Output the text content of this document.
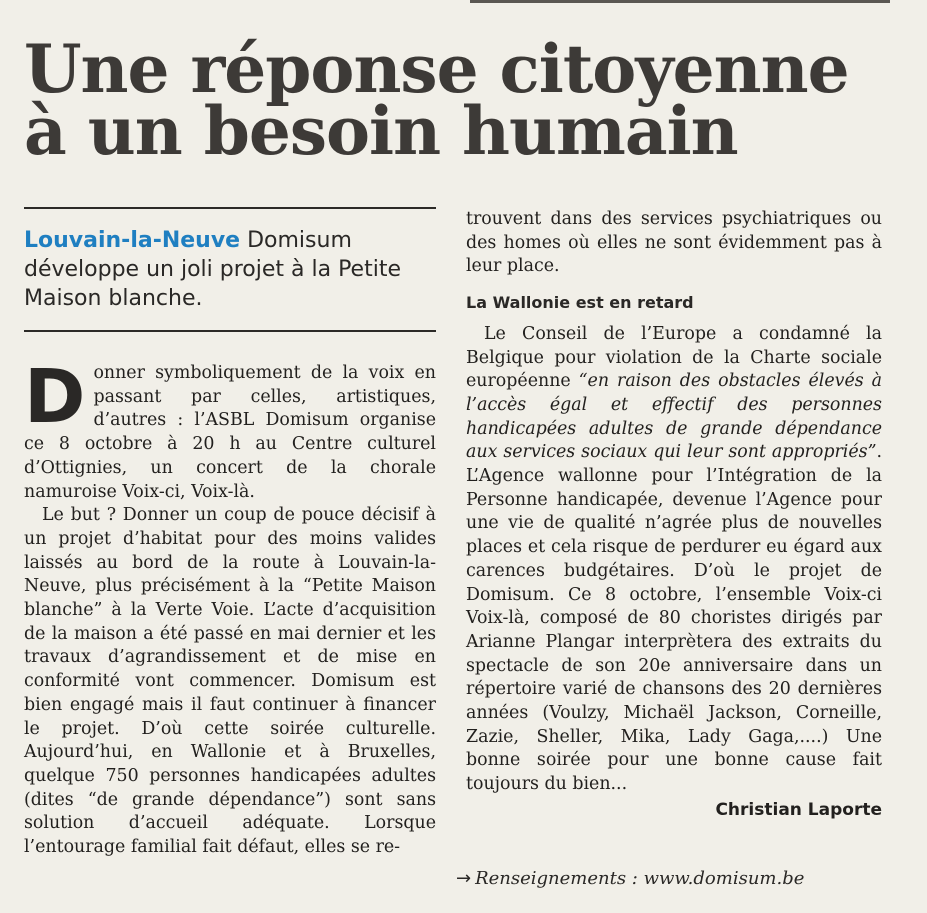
Une réponse citoyenne
à un besoin humain
Louvain-la-Neuve Domisum développe un joli projet à la Petite Maison blanche.

Donner symboliquement de la voix en passant par celles, artistiques, d’autres : l’ASBL Domisum organise ce 8 octobre à 20 h au Centre culturel d’Ottignies, un concert de la chorale namuroise Voix-ci, Voix-là.

Le but ? Donner un coup de pouce décisif à un projet d’habitat pour des moins valides laissés au bord de la route à Louvain-la-Neuve, plus précisément à la “Petite Maison blanche” à la Verte Voie. L’acte d’acquisition de la maison a été passé en mai dernier et les travaux d’agrandissement et de mise en conformité vont commencer. Domisum est bien engagé mais il faut continuer à financer le projet. D’où cette soirée culturelle. Aujourd’hui, en Wallonie et à Bruxelles, quelque 750 personnes handicapées adultes (dites “de grande dépendance”) sont sans solution d’accueil adéquate. Lorsque l’entourage familial fait défaut, elles se re-

trouvent dans des services psychiatriques ou des homes où elles ne sont évidemment pas à leur place.

La Wallonie est en retard

Le Conseil de l’Europe a condamné la Belgique pour violation de la Charte sociale européenne “en raison des obstacles élevés à l’accès égal et effectif des personnes handicapées adultes de grande dépendance aux services sociaux qui leur sont appropriés”. L’Agence wallonne pour l’Intégration de la Personne handicapée, devenue l’Agence pour une vie de qualité n’agrée plus de nouvelles places et cela risque de perdurer eu égard aux carences budgétaires. D’où le projet de Domisum. Ce 8 octobre, l’ensemble Voix-ci Voix-là, composé de 80 choristes dirigés par Arianne Plangar interprètera des extraits du spectacle de son 20e anniversaire dans un répertoire varié de chansons des 20 dernières années (Voulzy, Michaël Jackson, Corneille, Zazie, Sheller, Mika, Lady Gaga,....) Une bonne soirée pour une bonne cause fait toujours du bien...

Christian Laporte
→ Renseignements : www.domisum.be
